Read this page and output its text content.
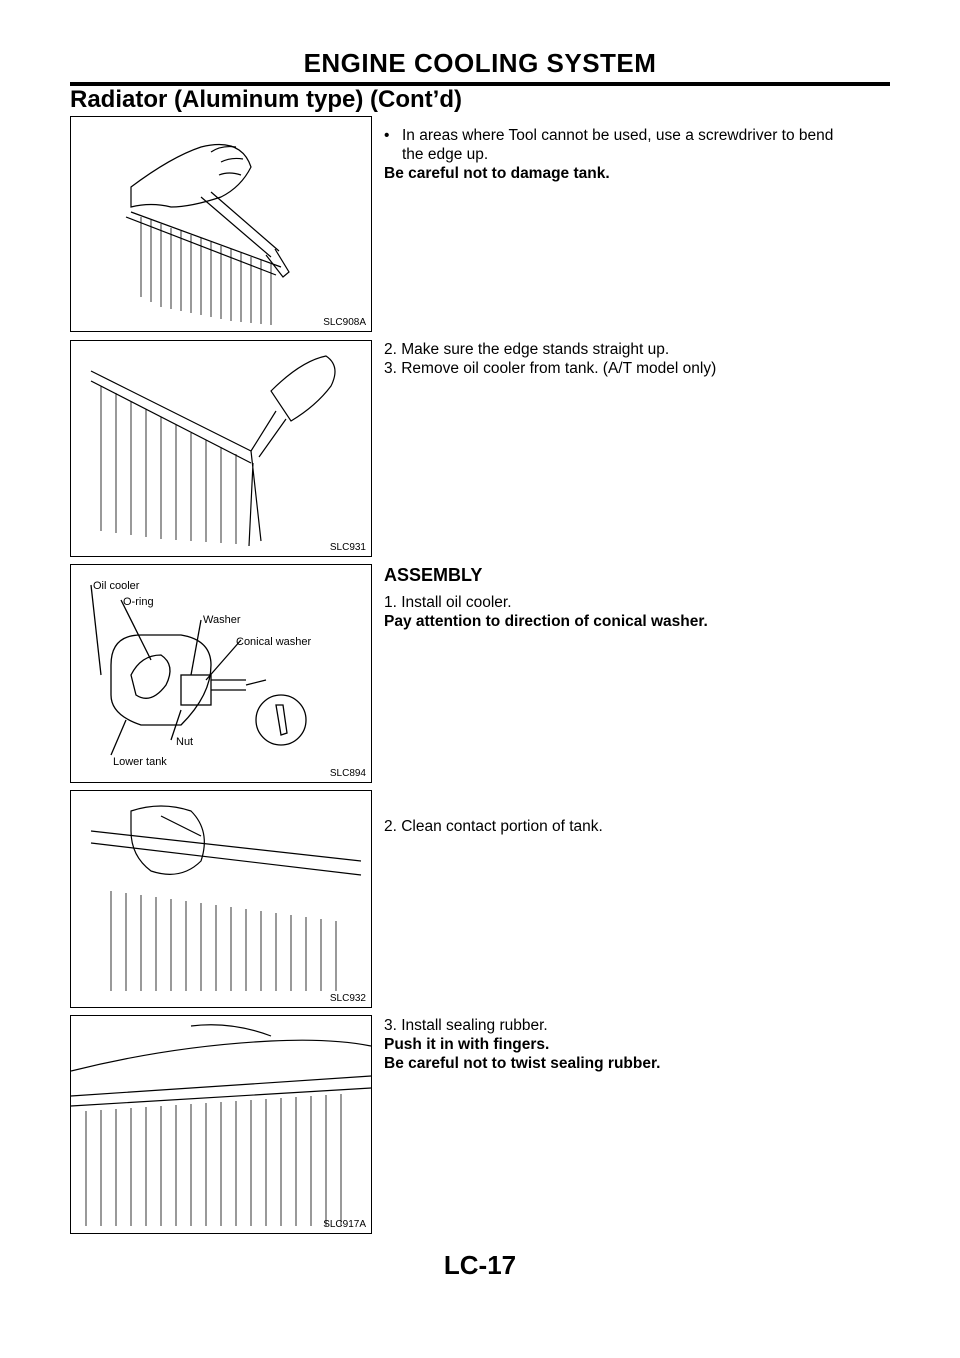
ENGINE COOLING SYSTEM
Radiator (Aluminum type) (Cont’d)
SLC908A
• In areas where Tool cannot be used, use a screwdriver to bend
the edge up.
Be careful not to damage tank.
SLC931
2. Make sure the edge stands straight up.
3. Remove oil cooler from tank. (A/T model only)
Oil cooler
O-ring
Washer
Conical washer
Nut
Lower tank
SLC894
ASSEMBLY
1. Install oil cooler.
Pay attention to direction of conical washer.
SLC932
2. Clean contact portion of tank.
SLC917A
3. Install sealing rubber.
Push it in with fingers.
Be careful not to twist sealing rubber.
LC-17
